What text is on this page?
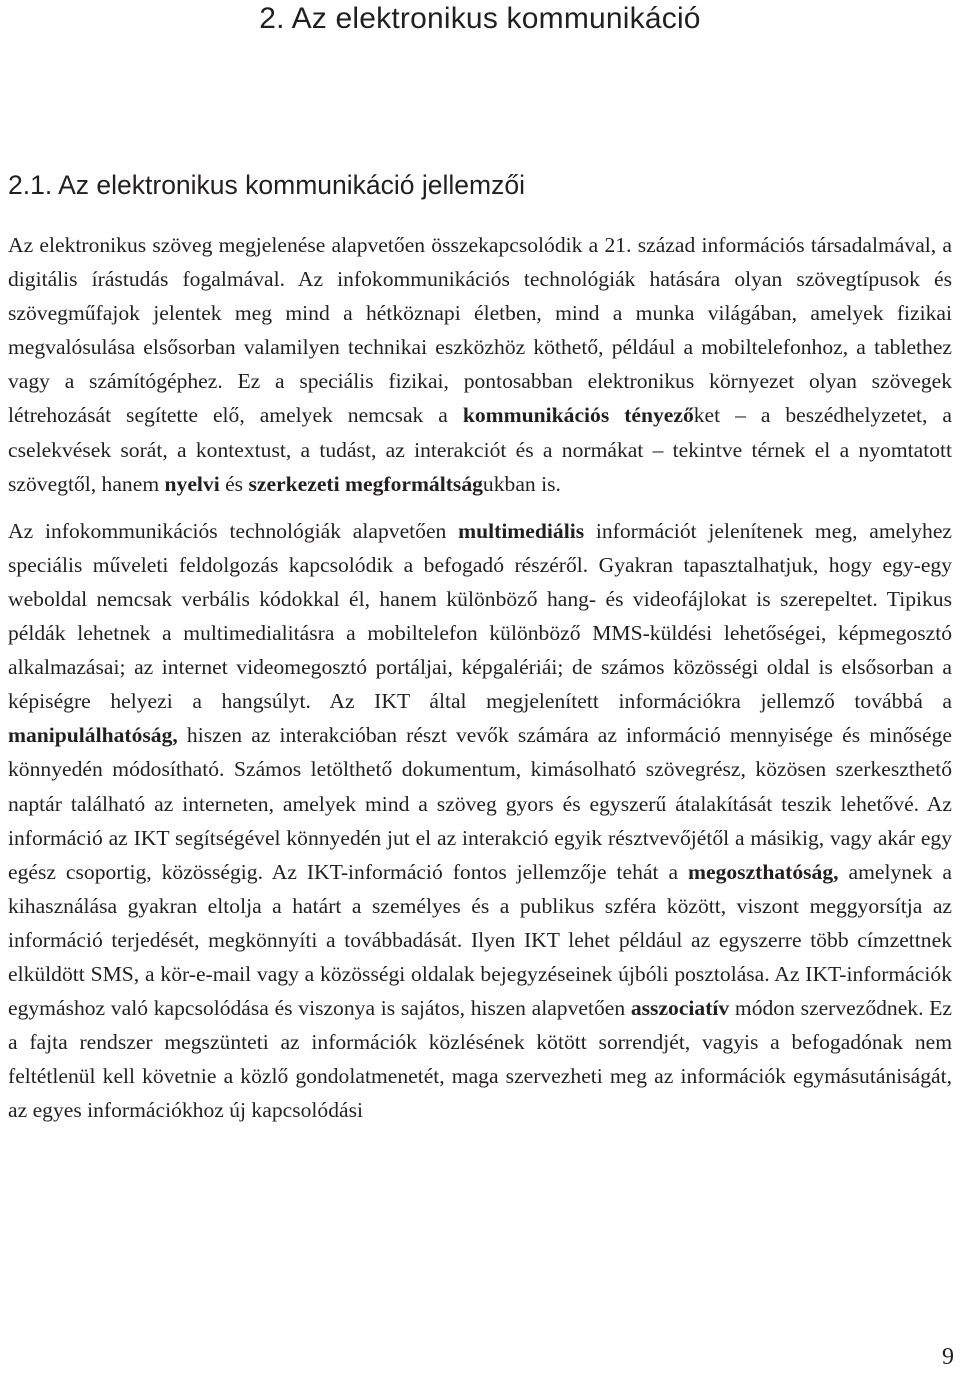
2. Az elektronikus kommunikáció
2.1. Az elektronikus kommunikáció jellemzői

Az elektronikus szöveg megjelenése alapvetően összekapcsolódik a 21. század információs társadalmával, a digitális írástudás fogalmával. Az infokommunikációs technológiák hatására olyan szövegtípusok és szövegműfajok jelentek meg mind a hétköznapi életben, mind a munka világában, amelyek fizikai megvalósulása elsősorban valamilyen technikai eszközhöz köthető, például a mobiltelefonhoz, a tablethez vagy a számítógéphez. Ez a speciális fizikai, pontosabban elektronikus környezet olyan szövegek létrehozását segítette elő, amelyek nemcsak a kommunikációs tényezőket – a beszédhelyzetet, a cselekvések sorát, a kontextust, a tudást, az interakciót és a normákat – tekintve térnek el a nyomtatott szövegtől, hanem nyelvi és szerkezeti megformáltságukban is.

Az infokommunikációs technológiák alapvetően multimediális információt jelenítenek meg, amelyhez speciális műveleti feldolgozás kapcsolódik a befogadó részéről. Gyakran tapasztalhatjuk, hogy egy-egy weboldal nemcsak verbális kódokkal él, hanem különböző hang- és videofájlokat is szerepeltet. Tipikus példák lehetnek a multimedialitásra a mobiltelefon különböző MMS-küldési lehetőségei, képmegosztó alkalmazásai; az internet videomegosztó portáljai, képgalériái; de számos közösségi oldal is elsősorban a képiségre helyezi a hangsúlyt. Az IKT által megjelenített információkra jellemző továbbá a manipulálhatóság, hiszen az interakcióban részt vevők számára az információ mennyisége és minősége könnyedén módosítható. Számos letölthető dokumentum, kimásolható szövegrész, közösen szerkeszthető naptár található az interneten, amelyek mind a szöveg gyors és egyszerű átalakítását teszik lehetővé. Az információ az IKT segítségével könnyedén jut el az interakció egyik résztvevőjétől a másikig, vagy akár egy egész csoportig, közösségig. Az IKT-információ fontos jellemzője tehát a megoszthatóság, amelynek a kihasználása gyakran eltolja a határt a személyes és a publikus szféra között, viszont meggyorsítja az információ terjedését, megkönnyíti a továbbadását. Ilyen IKT lehet például az egyszerre több címzettnek elküldött SMS, a kör-e-mail vagy a közösségi oldalak bejegyzéseinek újbóli posztolása. Az IKT-információk egymáshoz való kapcsolódása és viszonya is sajátos, hiszen alapvetően asszociatív módon szerveződnek. Ez a fajta rendszer megszünteti az információk közlésének kötött sorrendjét, vagyis a befogadónak nem feltétlenül kell követnie a közlő gondolatmenetét, maga szervezheti meg az információk egymásutániságát, az egyes információkhoz új kapcsolódási

9
